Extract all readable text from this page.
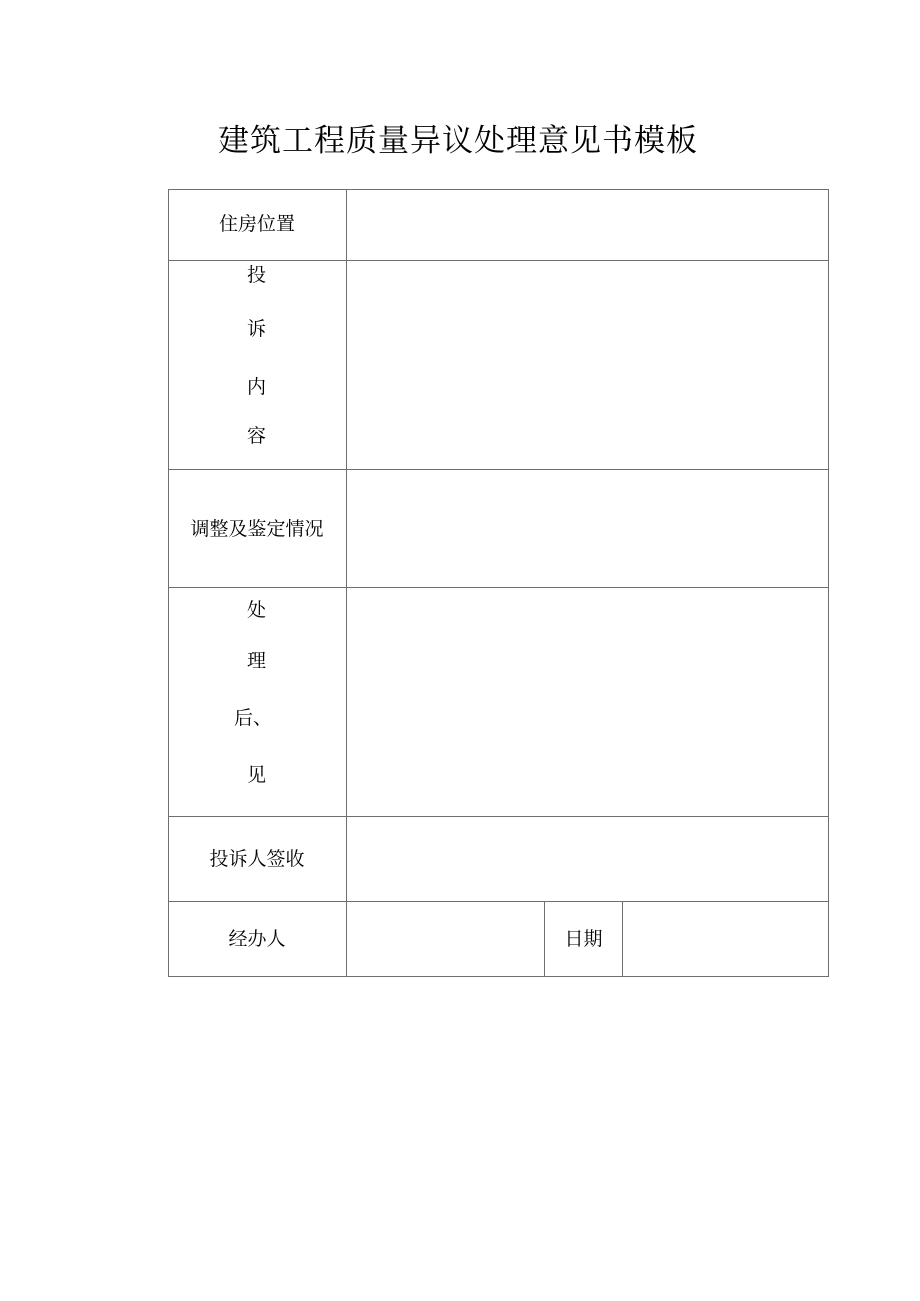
建筑工程质量异议处理意见书模板
住房位置
投
诉
内
容
调整及鉴定情况
处
理
后、
见
投诉人签收
经办人	日期
